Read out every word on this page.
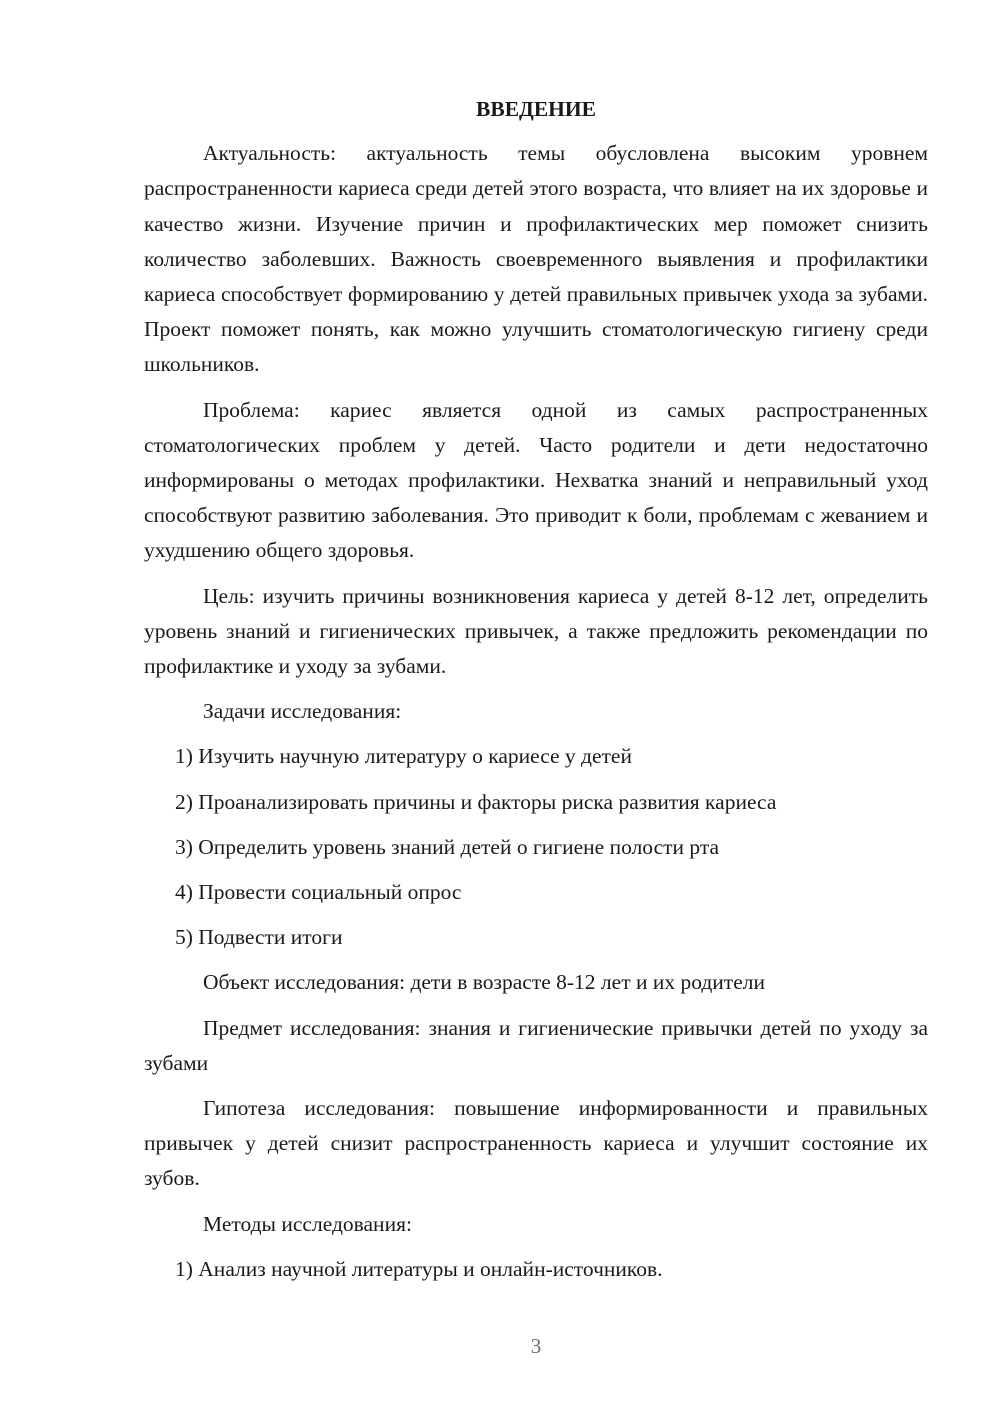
ВВЕДЕНИЕ

Актуальность: актуальность темы обусловлена высоким уровнем распространенности кариеса среди детей этого возраста, что влияет на их здоровье и качество жизни. Изучение причин и профилактических мер поможет снизить количество заболевших. Важность своевременного выявления и профилактики кариеса способствует формированию у детей правильных привычек ухода за зубами. Проект поможет понять, как можно улучшить стоматологическую гигиену среди школьников.

Проблема: кариес является одной из самых распространенных стоматологических проблем у детей. Часто родители и дети недостаточно информированы о методах профилактики. Нехватка знаний и неправильный уход способствуют развитию заболевания. Это приводит к боли, проблемам с жеванием и ухудшению общего здоровья.

Цель: изучить причины возникновения кариеса у детей 8-12 лет, определить уровень знаний и гигиенических привычек, а также предложить рекомендации по профилактике и уходу за зубами.

Задачи исследования:
1) Изучить научную литературу о кариесе у детей
2) Проанализировать причины и факторы риска развития кариеса
3) Определить уровень знаний детей о гигиене полости рта
4) Провести социальный опрос
5) Подвести итоги

Объект исследования: дети в возрасте 8-12 лет и их родители

Предмет исследования: знания и гигиенические привычки детей по уходу за зубами

Гипотеза исследования: повышение информированности и правильных привычек у детей снизит распространенность кариеса и улучшит состояние их зубов.

Методы исследования:
1) Анализ научной литературы и онлайн-источников.
3
